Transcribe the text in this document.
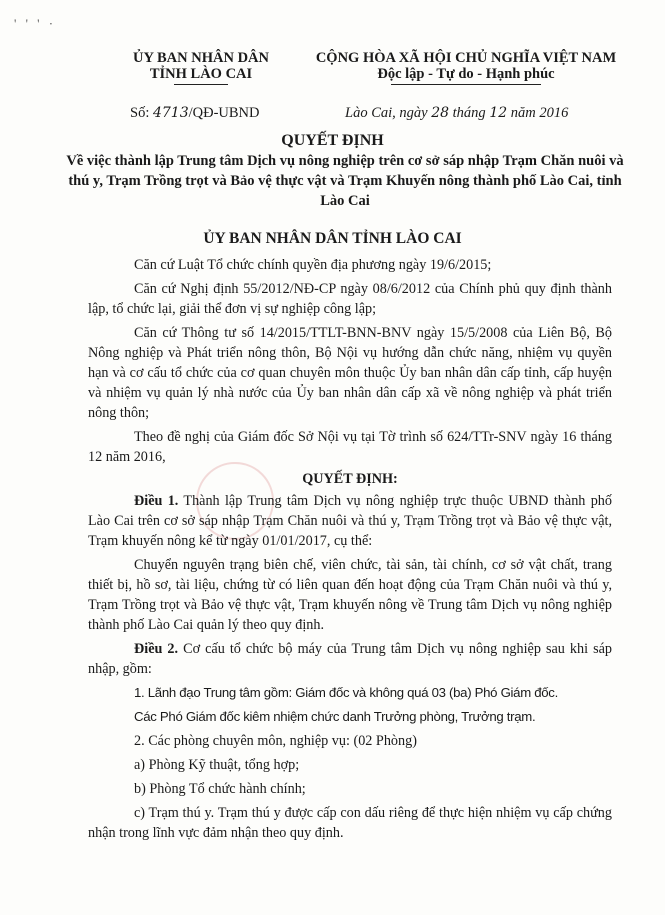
' ' ' ·
ỦY BAN NHÂN DÂN
TỈNH LÀO CAI
CỘNG HÒA XÃ HỘI CHỦ NGHĨA VIỆT NAM
Độc lập - Tự do - Hạnh phúc
Số: 4713/QĐ-UBND	Lào Cai, ngày 28 tháng 12 năm 2016
QUYẾT ĐỊNH
Về việc thành lập Trung tâm Dịch vụ nông nghiệp trên cơ sở sáp nhập Trạm Chăn nuôi và thú y, Trạm Trồng trọt và Bảo vệ thực vật và Trạm Khuyến nông thành phố Lào Cai, tỉnh Lào Cai
ỦY BAN NHÂN DÂN TỈNH LÀO CAI

Căn cứ Luật Tổ chức chính quyền địa phương ngày 19/6/2015;

Căn cứ Nghị định 55/2012/NĐ-CP ngày 08/6/2012 của Chính phủ quy định thành lập, tổ chức lại, giải thể đơn vị sự nghiệp công lập;

Căn cứ Thông tư số 14/2015/TTLT-BNN-BNV ngày 15/5/2008 của Liên Bộ, Bộ Nông nghiệp và Phát triển nông thôn, Bộ Nội vụ hướng dẫn chức năng, nhiệm vụ quyền hạn và cơ cấu tổ chức của cơ quan chuyên môn thuộc Ủy ban nhân dân cấp tỉnh, cấp huyện và nhiệm vụ quản lý nhà nước của Ủy ban nhân dân cấp xã về nông nghiệp và phát triển nông thôn;

Theo đề nghị của Giám đốc Sở Nội vụ tại Tờ trình số 624/TTr-SNV ngày 16 tháng 12 năm 2016,

QUYẾT ĐỊNH:

Điều 1. Thành lập Trung tâm Dịch vụ nông nghiệp trực thuộc UBND thành phố Lào Cai trên cơ sở sáp nhập Trạm Chăn nuôi và thú y, Trạm Trồng trọt và Bảo vệ thực vật, Trạm khuyến nông kể từ ngày 01/01/2017, cụ thể:

Chuyển nguyên trạng biên chế, viên chức, tài sản, tài chính, cơ sở vật chất, trang thiết bị, hồ sơ, tài liệu, chứng từ có liên quan đến hoạt động của Trạm Chăn nuôi và thú y, Trạm Trồng trọt và Bảo vệ thực vật, Trạm khuyến nông về Trung tâm Dịch vụ nông nghiệp thành phố Lào Cai quản lý theo quy định.

Điều 2. Cơ cấu tổ chức bộ máy của Trung tâm Dịch vụ nông nghiệp sau khi sáp nhập, gồm:

1. Lãnh đạo Trung tâm gồm: Giám đốc và không quá 03 (ba) Phó Giám đốc.

Các Phó Giám đốc kiêm nhiệm chức danh Trưởng phòng, Trưởng trạm.

2. Các phòng chuyên môn, nghiệp vụ: (02 Phòng)

a) Phòng Kỹ thuật, tổng hợp;

b) Phòng Tổ chức hành chính;

c) Trạm thú y. Trạm thú y được cấp con dấu riêng để thực hiện nhiệm vụ cấp chứng nhận trong lĩnh vực đảm nhận theo quy định.
